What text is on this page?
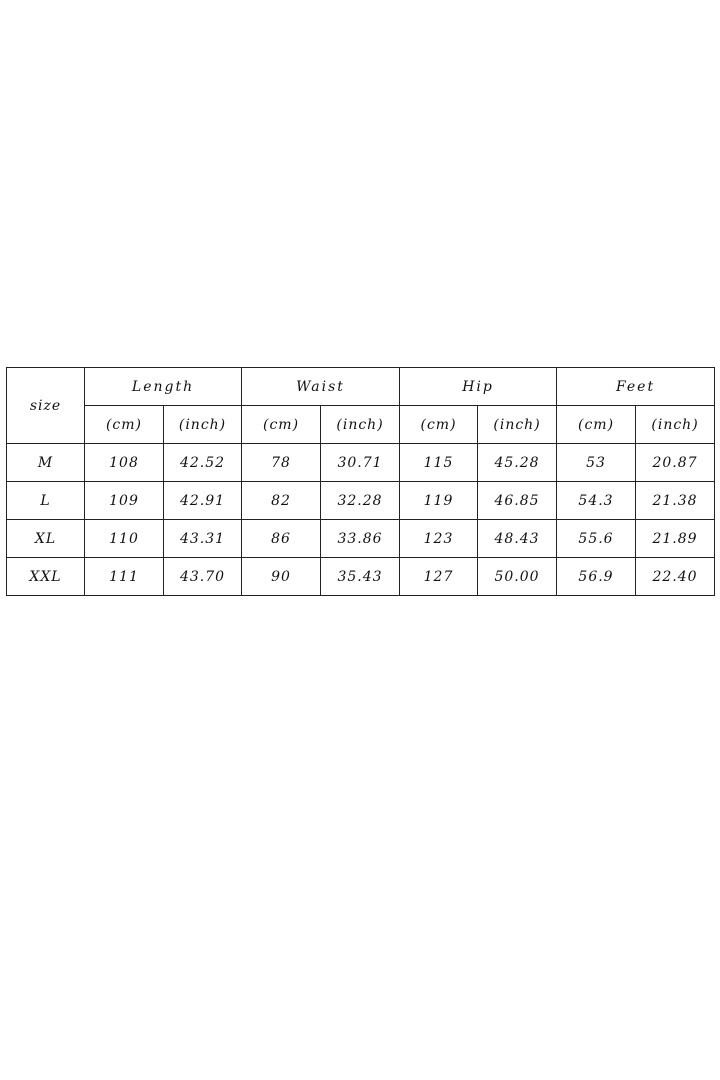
size	Length		Waist		Hip		Feet	
	(cm)	(inch)	(cm)	(inch)	(cm)	(inch)	(cm)	(inch)
M	108	42.52	78	30.71	115	45.28	53	20.87
L	109	42.91	82	32.28	119	46.85	54.3	21.38
XL	110	43.31	86	33.86	123	48.43	55.6	21.89
XXL	111	43.70	90	35.43	127	50.00	56.9	22.40
